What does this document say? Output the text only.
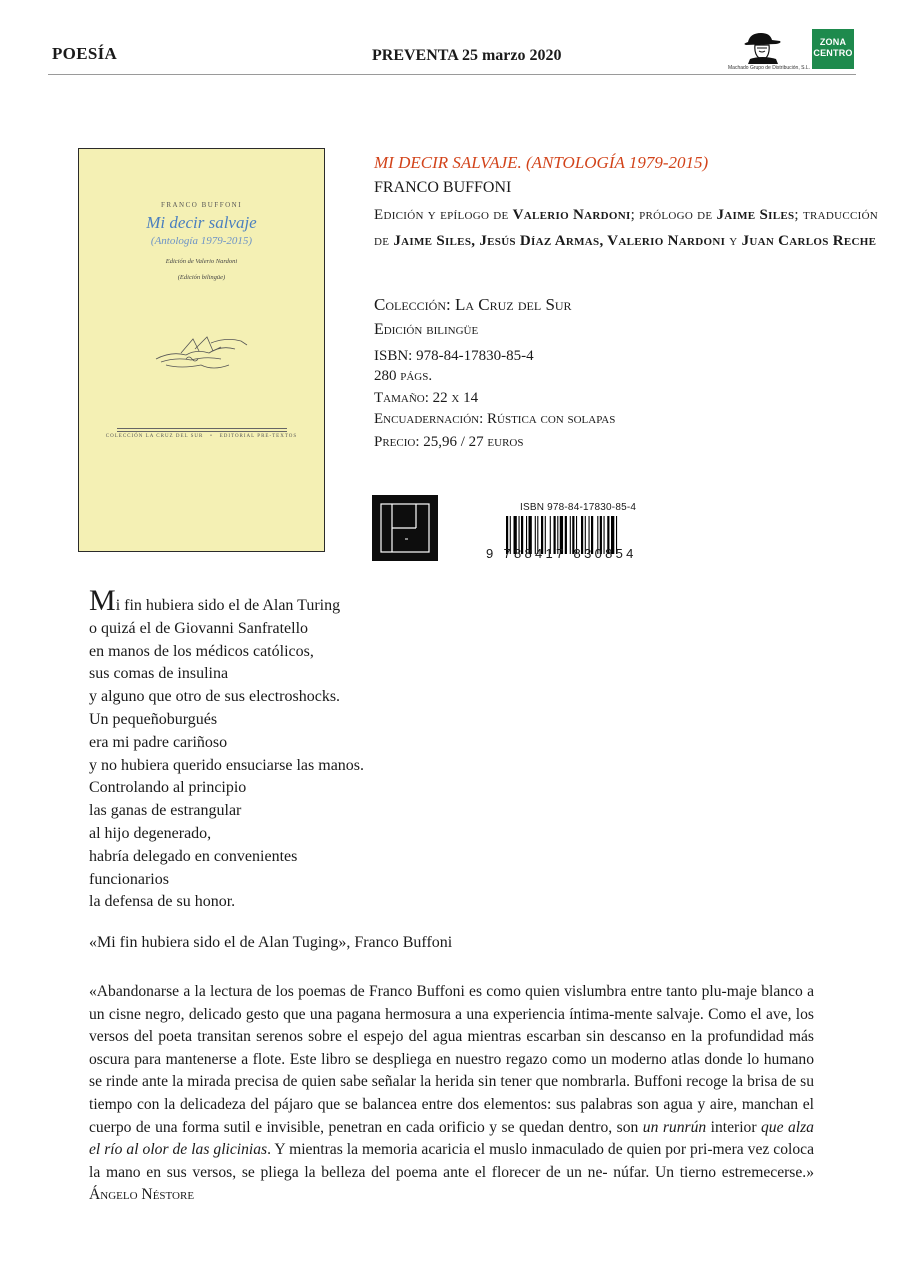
POESÍA	PREVENTA 25 marzo 2020
Machado Grupo de Distribución, S.L.
ZONA
CENTRO
FRANCO BUFFONI
Mi decir salvaje
(Antología 1979-2015)
Edición de Valerio Nardoni
(Edición bilingüe)
COLECCIÓN LA CRUZ DEL SUR   •   EDITORIAL PRE-TEXTOS
MI DECIR SALVAJE. (ANTOLOGÍA 1979-2015)
FRANCO BUFFONI
Edición y epílogo de Valerio Nardoni; prólogo de Jaime Siles; traducción de Jaime Siles, Jesús Díaz Armas, Valerio Nardoni y Juan Carlos Reche
Colección: La Cruz del Sur
Edición bilingüe
ISBN: 978-84-17830-85-4
280 págs.
Tamaño: 22 x 14
Encuadernación: Rústica con solapas
Precio: 25,96 / 27 euros
ISBN 978-84-17830-85-4
9 788417 830854
Mi fin hubiera sido el de Alan Turing
o quizá el de Giovanni Sanfratello
en manos de los médicos católicos,
sus comas de insulina
y alguno que otro de sus electroshocks.
Un pequeñoburgués
era mi padre cariñoso
y no hubiera querido ensuciarse las manos.
Controlando al principio
las ganas de estrangular
al hijo degenerado,
habría delegado en convenientes
funcionarios
la defensa de su honor.
«Mi fin hubiera sido el de Alan Tuging», Franco Buffoni
«Abandonarse a la lectura de los poemas de Franco Buffoni es como quien vislumbra entre tanto plu-maje blanco a un cisne negro, delicado gesto que una pagana hermosura a una experiencia íntima-mente salvaje. Como el ave, los versos del poeta transitan serenos sobre el espejo del agua mientras escarban sin descanso en la profundidad más oscura para mantenerse a flote. Este libro se despliega en nuestro regazo como un moderno atlas donde lo humano se rinde ante la mirada precisa de quien sabe señalar la herida sin tener que nombrarla. Buffoni recoge la brisa de su tiempo con la delicadeza del pájaro que se balancea entre dos elementos: sus palabras son agua y aire, manchan el cuerpo de una forma sutil e invisible, penetran en cada orificio y se quedan dentro, son un runrún interior que alza el río al olor de las glicinias. Y mientras la memoria acaricia el muslo inmaculado de quien por pri-mera vez coloca la mano en sus versos, se pliega la belleza del poema ante el florecer de un ne- núfar. Un tierno estremecerse.» Ángelo Néstore
